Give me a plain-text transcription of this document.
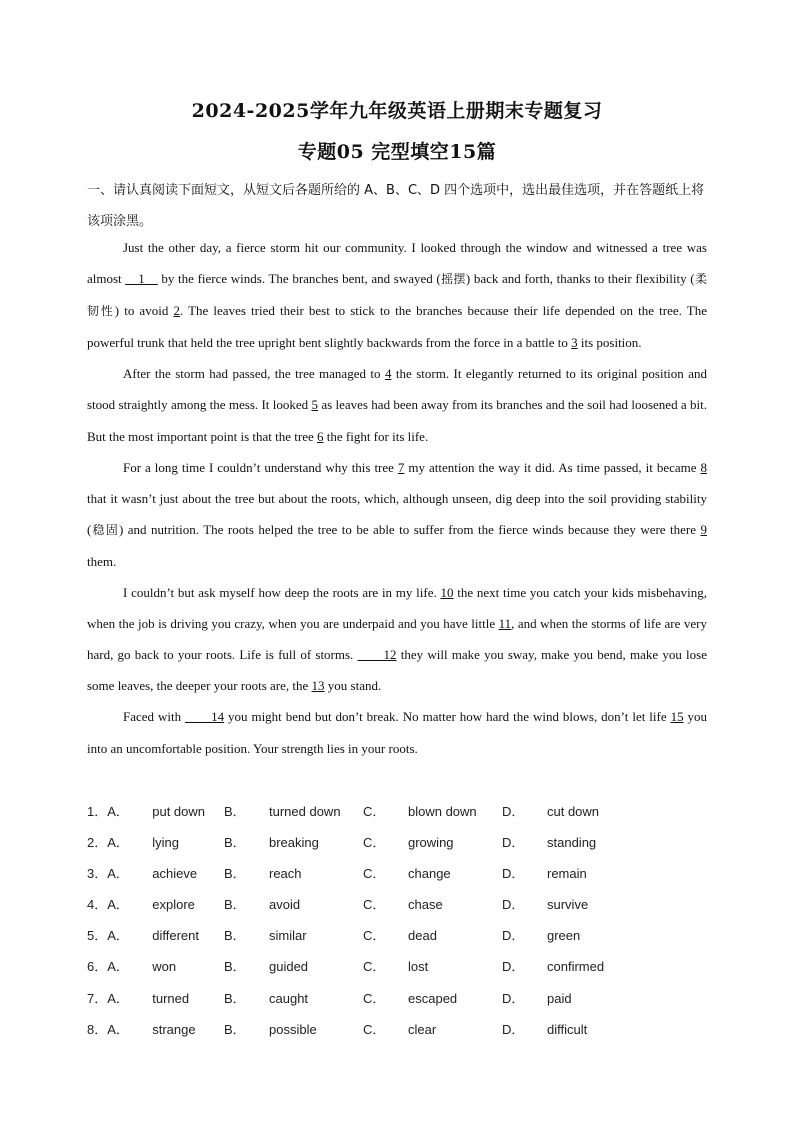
2024-2025学年九年级英语上册期末专题复习
专题05 完型填空15篇
一、请认真阅读下面短文，从短文后各题所给的 A、B、C、D 四个选项中，选出最佳选项，并在答题纸上将该项涂黑。

Just the other day, a fierce storm hit our community. I looked through the window and witnessed a tree was almost __1__ by the fierce winds. The branches bent, and swayed (摇摆) back and forth, thanks to their flexibility (柔韧性) to avoid 2. The leaves tried their best to stick to the branches because their life depended on the tree. The powerful trunk that held the tree upright bent slightly backwards from the force in a battle to 3 its position.

After the storm had passed, the tree managed to 4 the storm. It elegantly returned to its original position and stood straightly among the mess. It looked 5 as leaves had been away from its branches and the soil had loosened a bit. But the most important point is that the tree 6 the fight for its life.

For a long time I couldn’t understand why this tree 7 my attention the way it did. As time passed, it became 8 that it wasn’t just about the tree but about the roots, which, although unseen, dig deep into the soil providing stability (稳固) and nutrition. The roots helped the tree to be able to suffer from the fierce winds because they were there 9 them.

I couldn’t but ask myself how deep the roots are in my life. 10 the next time you catch your kids misbehaving, when the job is driving you crazy, when you are underpaid and you have little 11, and when the storms of life are very hard, go back to your roots. Life is full of storms. ____12 they will make you sway, make you bend, make you lose some leaves, the deeper your roots are, the 13 you stand.

Faced with ____14 you might bend but don’t break. No matter how hard the wind blows, don’t let life 15 you into an uncomfortable position. Your strength lies in your roots.

1．A． put down B． turned down C． blown down D． cut down
2．A． lying	B． breaking	C． growing	D． standing
3．A． achieve B． reach	C． change	D． remain
4．A． explore B． avoid	C． chase	D． survive
5．A． different B． similar	C． dead	D． green
6．A． won	B． guided	C． lost	D． confirmed
7．A． turned	B． caught	C． escaped	D． paid
8．A． strange B． possible	C． clear	D． difficult
